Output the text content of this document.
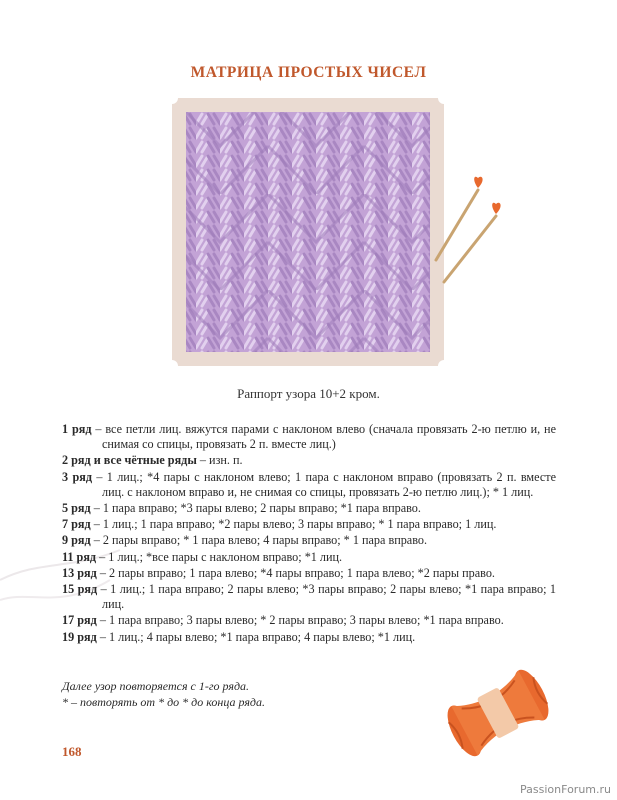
МАТРИЦА ПРОСТЫХ ЧИСЕЛ
Раппорт узора 10+2 кром.

1 ряд – все петли лиц. вяжутся парами с наклоном влево (сначала провязать 2-ю петлю и, не снимая со спицы, провязать 2 п. вместе лиц.)

2 ряд и все чётные ряды – изн. п.

3 ряд – 1 лиц.; *4 пары с наклоном влево; 1 пара с наклоном вправо (провязать 2 п. вместе лиц. с наклоном вправо и, не снимая со спицы, провязать 2-ю петлю лиц.); * 1 лиц.

5 ряд – 1 пара вправо; *3 пары влево; 2 пары вправо; *1 пара вправо.

7 ряд – 1 лиц.; 1 пара вправо; *2 пары влево; 3 пары вправо; * 1 пара вправо; 1 лиц.

9 ряд – 2 пары вправо; * 1 пара влево; 4 пары вправо; * 1 пара вправо.

11 ряд – 1 лиц.; *все пары с наклоном вправо; *1 лиц.

13 ряд – 2 пары вправо; 1 пара влево; *4 пары вправо; 1 пара влево; *2 пары право.

15 ряд – 1 лиц.; 1 пара вправо; 2 пары влево; *3 пары вправо; 2 пары влево; *1 пара вправо; 1 лиц.

17 ряд – 1 пара вправо; 3 пары влево; * 2 пары вправо; 3 пары влево; *1 пара вправо.

19 ряд – 1 лиц.; 4 пары влево; *1 пара вправо; 4 пары влево; *1 лиц.

Далее узор повторяется с 1-го ряда.
* – повторять от * до * до конца ряда.
168
PassionForum.ru
